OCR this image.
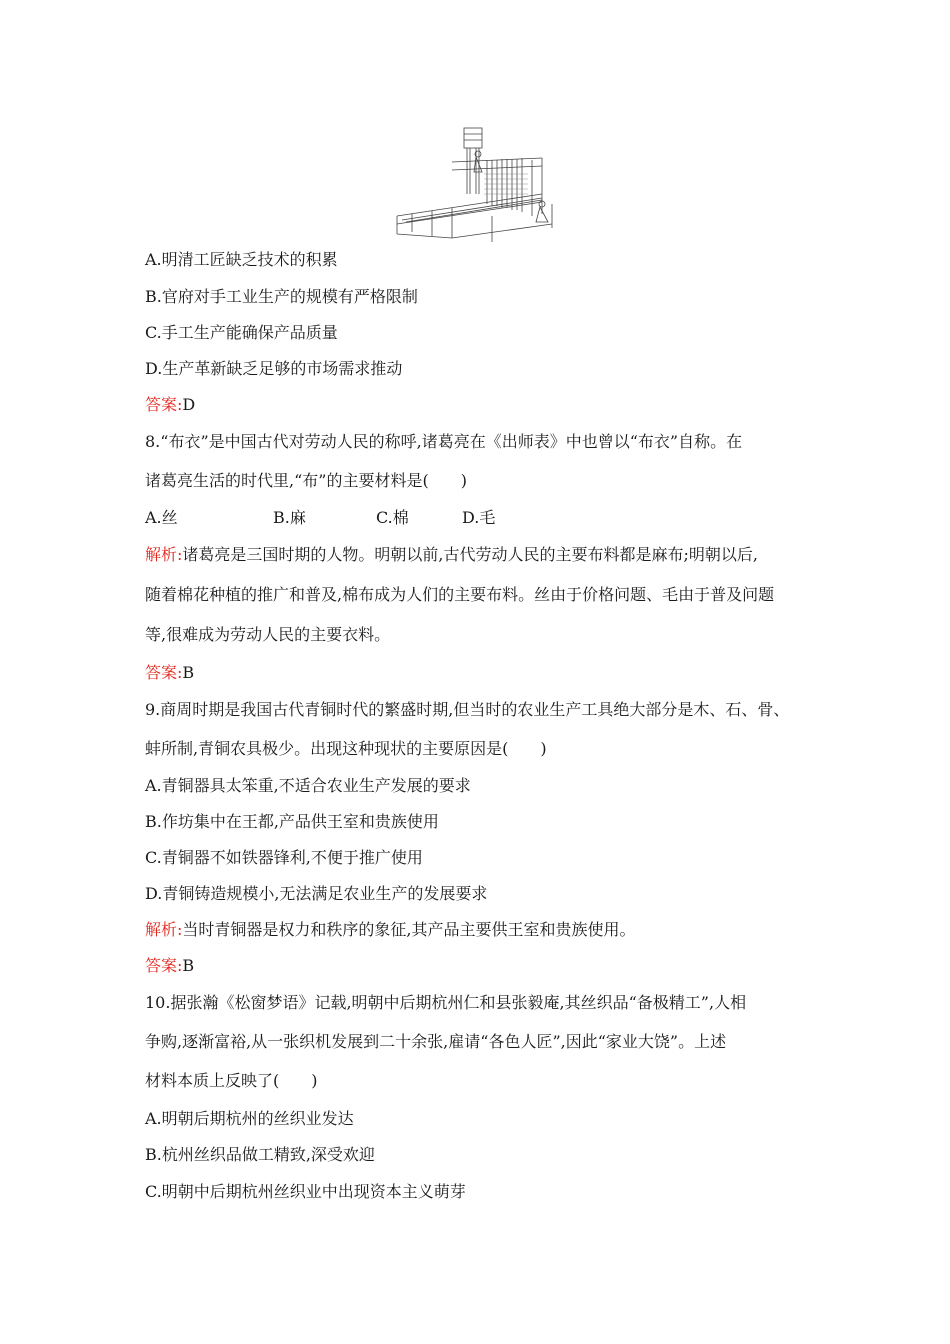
A.明清工匠缺乏技术的积累
B.官府对手工业生产的规模有严格限制
C.手工生产能确保产品质量
D.生产革新缺乏足够的市场需求推动
答案:D
8.“布衣”是中国古代对劳动人民的称呼,诸葛亮在《出师表》中也曾以“布衣”自称。在
诸葛亮生活的时代里,“布”的主要材料是(　　)
A.丝	B.麻	C.棉	D.毛
解析:诸葛亮是三国时期的人物。明朝以前,古代劳动人民的主要布料都是麻布;明朝以后,
随着棉花种植的推广和普及,棉布成为人们的主要布料。丝由于价格问题、毛由于普及问题
等,很难成为劳动人民的主要衣料。
答案:B
9.商周时期是我国古代青铜时代的繁盛时期,但当时的农业生产工具绝大部分是木、石、骨、
蚌所制,青铜农具极少。出现这种现状的主要原因是(　　)
A.青铜器具太笨重,不适合农业生产发展的要求
B.作坊集中在王都,产品供王室和贵族使用
C.青铜器不如铁器锋利,不便于推广使用
D.青铜铸造规模小,无法满足农业生产的发展要求
解析:当时青铜器是权力和秩序的象征,其产品主要供王室和贵族使用。
答案:B
10.据张瀚《松窗梦语》记载,明朝中后期杭州仁和县张毅庵,其丝织品“备极精工”,人相
争购,逐渐富裕,从一张织机发展到二十余张,雇请“各色人匠”,因此“家业大饶”。上述
材料本质上反映了(　　)
A.明朝后期杭州的丝织业发达
B.杭州丝织品做工精致,深受欢迎
C.明朝中后期杭州丝织业中出现资本主义萌芽
